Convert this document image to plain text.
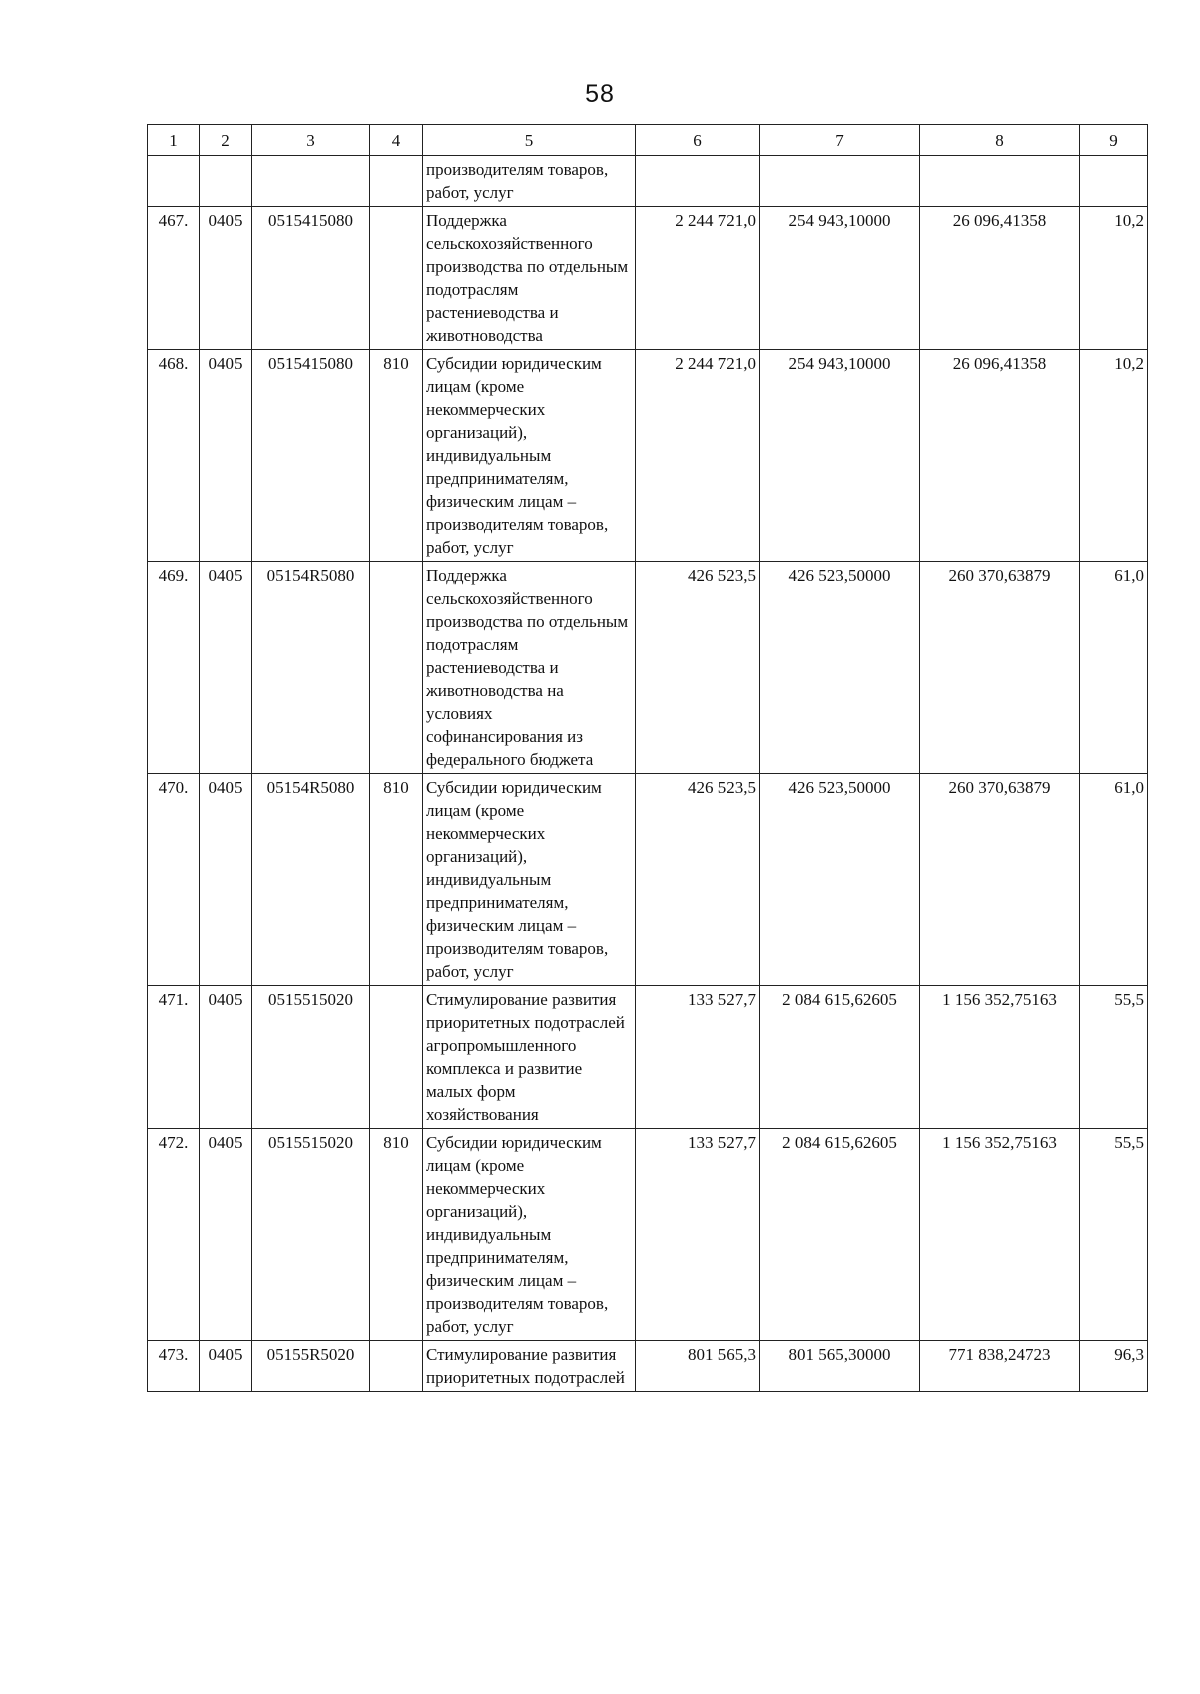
58
1	2	3	4	5	6	7	8	9
				производителям товаров, работ, услуг				
467.	0405	0515415080		Поддержка сельскохозяйственного производства по отдельным подотраслям растениеводства и животноводства	2 244 721,0	254 943,10000	26 096,41358	10,2
468.	0405	0515415080	810	Субсидии юридическим лицам (кроме некоммерческих организаций), индивидуальным предпринимателям, физическим лицам – производителям товаров, работ, услуг	2 244 721,0	254 943,10000	26 096,41358	10,2
469.	0405	05154R5080		Поддержка сельскохозяйственного производства по отдельным подотраслям растениеводства и животноводства на условиях софинансирования из федерального бюджета	426 523,5	426 523,50000	260 370,63879	61,0
470.	0405	05154R5080	810	Субсидии юридическим лицам (кроме некоммерческих организаций), индивидуальным предпринимателям, физическим лицам – производителям товаров, работ, услуг	426 523,5	426 523,50000	260 370,63879	61,0
471.	0405	0515515020		Стимулирование развития приоритетных подотраслей агропромышленного комплекса и развитие малых форм хозяйствования	133 527,7	2 084 615,62605	1 156 352,75163	55,5
472.	0405	0515515020	810	Субсидии юридическим лицам (кроме некоммерческих организаций), индивидуальным предпринимателям, физическим лицам – производителям товаров, работ, услуг	133 527,7	2 084 615,62605	1 156 352,75163	55,5
473.	0405	05155R5020		Стимулирование развития приоритетных подотраслей	801 565,3	801 565,30000	771 838,24723	96,3
